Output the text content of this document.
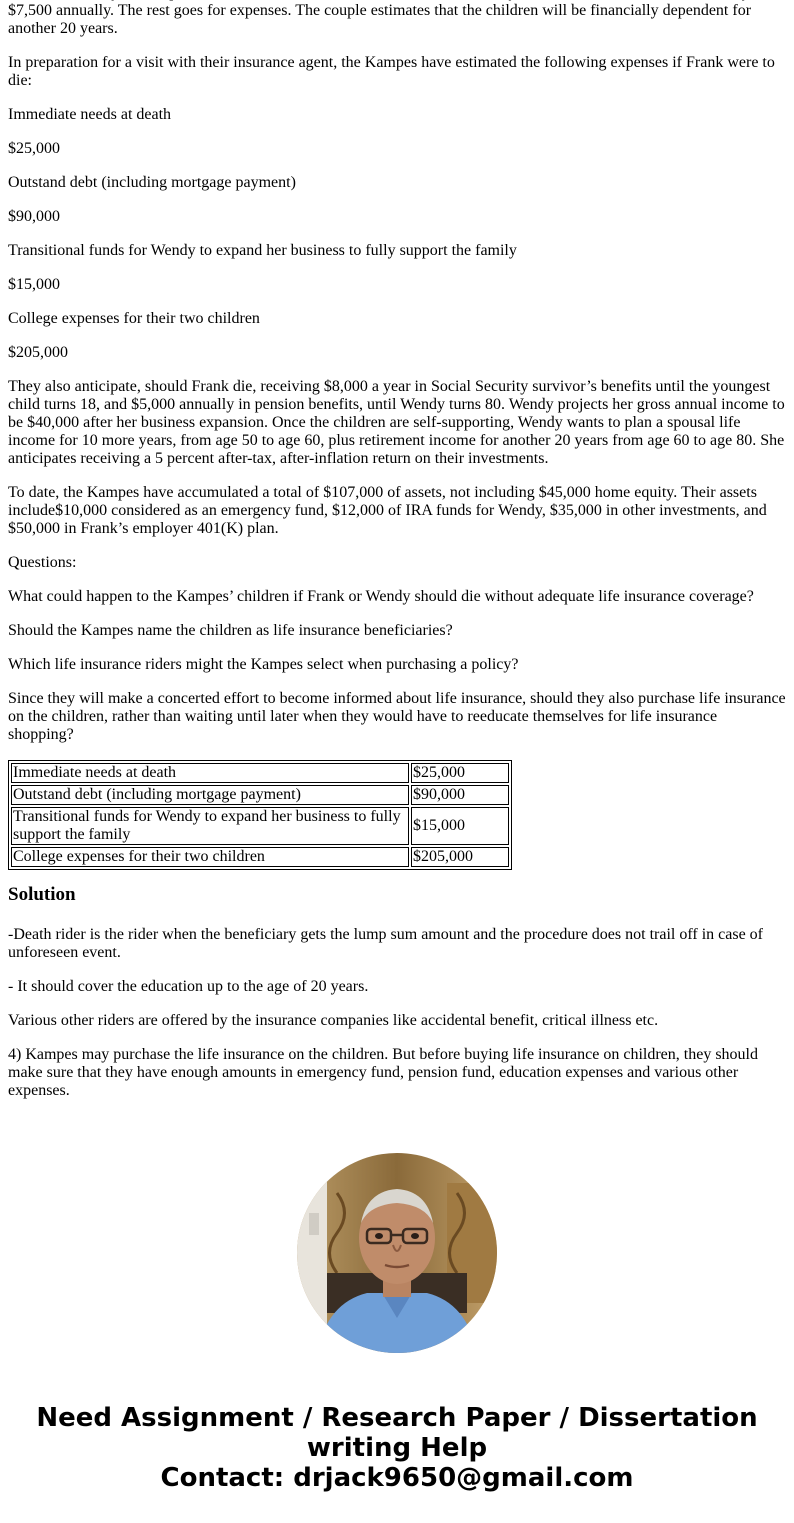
$7,500 annually. The rest goes for expenses. The couple estimates that the children will be financially dependent for another 20 years.

In preparation for a visit with their insurance agent, the Kampes have estimated the following expenses if Frank were to die:

Immediate needs at death

$25,000

Outstand debt (including mortgage payment)

$90,000

Transitional funds for Wendy to expand her business to fully support the family

$15,000

College expenses for their two children

$205,000

They also anticipate, should Frank die, receiving $8,000 a year in Social Security survivor’s benefits until the youngest child turns 18, and $5,000 annually in pension benefits, until Wendy turns 80. Wendy projects her gross annual income to be $40,000 after her business expansion. Once the children are self-supporting, Wendy wants to plan a spousal life income for 10 more years, from age 50 to age 60, plus retirement income for another 20 years from age 60 to age 80. She anticipates receiving a 5 percent after-tax, after-inflation return on their investments.

To date, the Kampes have accumulated a total of $107,000 of assets, not including $45,000 home equity. Their assets include$10,000 considered as an emergency fund, $12,000 of IRA funds for Wendy, $35,000 in other investments, and $50,000 in Frank’s employer 401(K) plan.

Questions:

What could happen to the Kampes’ children if Frank or Wendy should die without adequate life insurance coverage?

Should the Kampes name the children as life insurance beneficiaries?

Which life insurance riders might the Kampes select when purchasing a policy?

Since they will make a concerted effort to become informed about life insurance, should they also purchase life insurance on the children, rather than waiting until later when they would have to reeducate themselves for life insurance shopping?

Immediate needs at death	$25,000
Outstand debt (including mortgage payment)	$90,000
Transitional funds for Wendy to expand her business to fully support the family	$15,000
College expenses for their two children	$205,000
Solution

-Death rider is the rider when the beneficiary gets the lump sum amount and the procedure does not trail off in case of unforeseen event.

- It should cover the education up to the age of 20 years.

Various other riders are offered by the insurance companies like accidental benefit, critical illness etc.

4) Kampes may purchase the life insurance on the children. But before buying life insurance on children, they should make sure that they have enough amounts in emergency fund, pension fund, education expenses and various other expenses.

Need Assignment / Research Paper / Dissertation writing Help
Contact: drjack9650@gmail.com
